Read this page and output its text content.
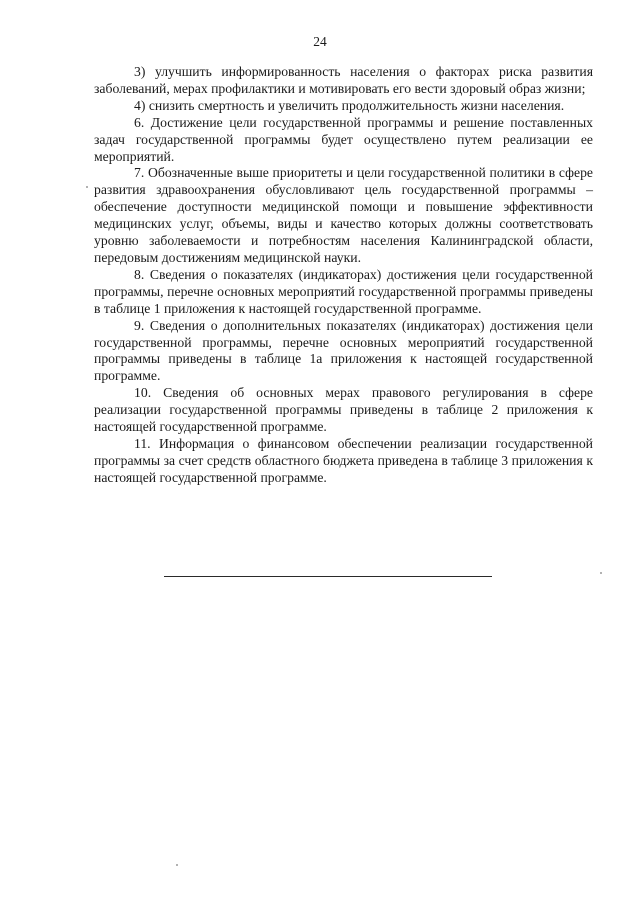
24

3) улучшить информированность населения о факторах риска развития заболеваний, мерах профилактики и мотивировать его вести здоровый образ жизни;

4) снизить смертность и увеличить продолжительность жизни населения.

6. Достижение цели государственной программы и решение поставленных задач государственной программы будет осуществлено путем реализации ее мероприятий.

7. Обозначенные выше приоритеты и цели государственной политики в сфере развития здравоохранения обусловливают цель государственной программы – обеспечение доступности медицинской помощи и повышение эффективности медицинских услуг, объемы, виды и качество которых должны соответствовать уровню заболеваемости и потребностям населения Калининградской области, передовым достижениям медицинской науки.

8. Сведения о показателях (индикаторах) достижения цели государственной программы, перечне основных мероприятий государственной программы приведены в таблице 1 приложения к настоящей государственной программе.

9. Сведения о дополнительных показателях (индикаторах) достижения цели государственной программы, перечне основных мероприятий государственной программы приведены в таблице 1а приложения к настоящей государственной программе.

10. Сведения об основных мерах правового регулирования в сфере реализации государственной программы приведены в таблице 2 приложения к настоящей государственной программе.

11. Информация о финансовом обеспечении реализации государственной программы за счет средств областного бюджета приведена в таблице 3 приложения к настоящей государственной программе.
